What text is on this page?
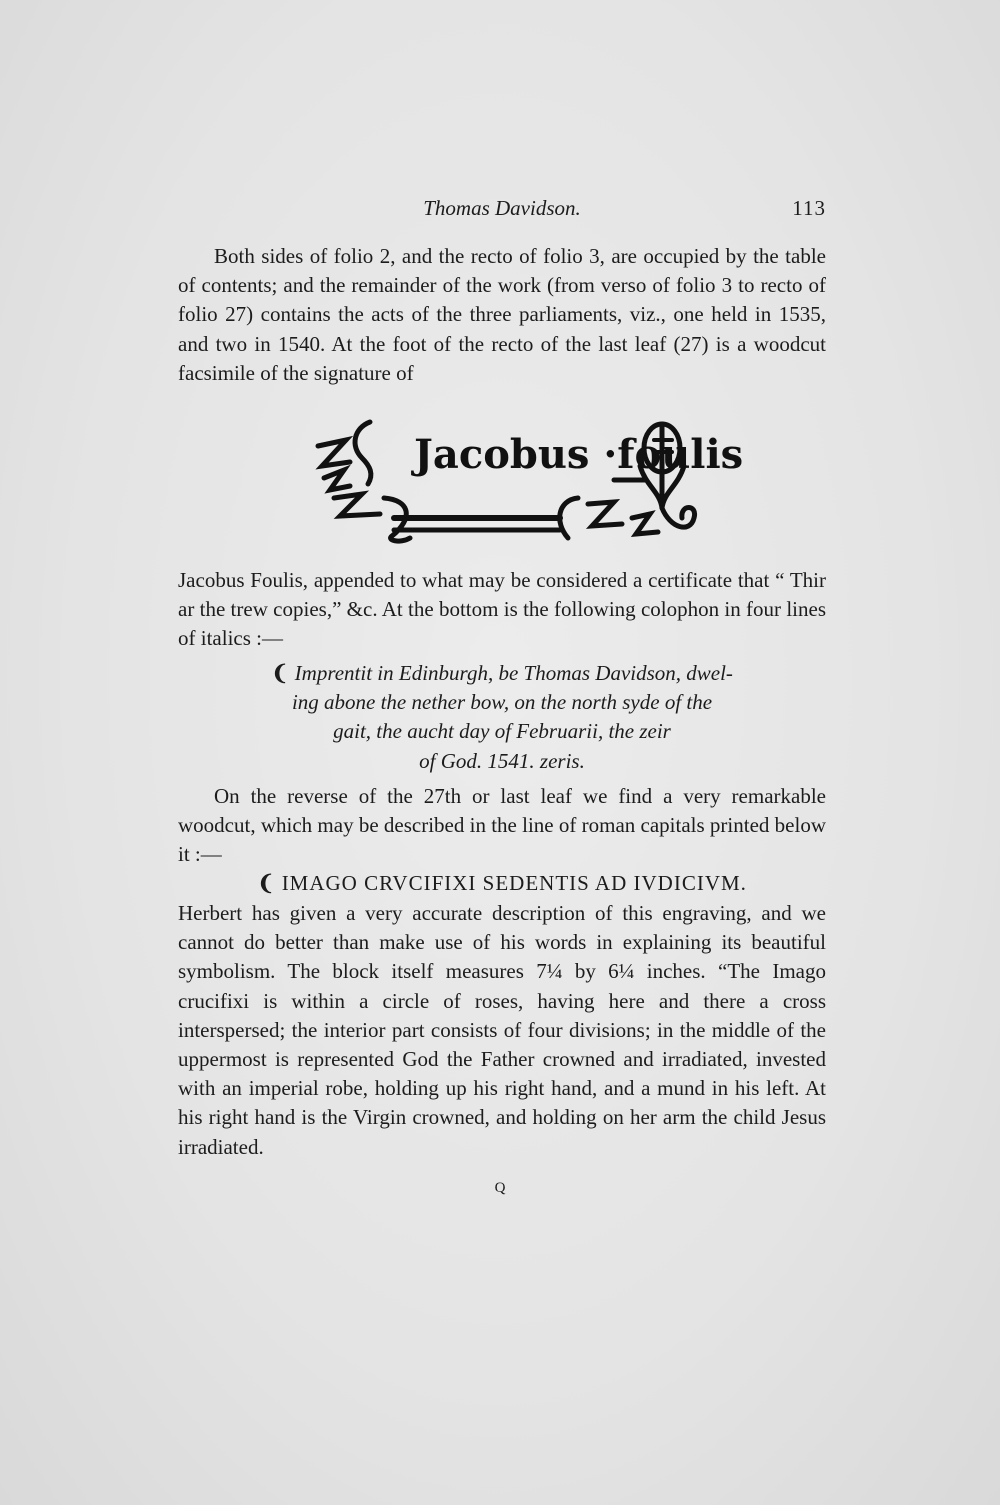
Thomas Davidson.	113

Both sides of folio 2, and the recto of folio 3, are occupied by the table of contents; and the remainder of the work (from verso of folio 3 to recto of folio 27) contains the acts of the three parliaments, viz., one held in 1535, and two in 1540. At the foot of the recto of the last leaf (27) is a woodcut facsimile of the signature of

Jacobus ·foulis

Jacobus Foulis, appended to what may be considered a certificate that “ Thir ar the trew copies,” &c. At the bottom is the following colophon in four lines of italics :—

❨ Imprentit in Edinburgh, be Thomas Davidson, dwel-
ing abone the nether bow, on the north syde of the
gait, the aucht day of Februarii, the zeir
of God. 1541. zeris.

On the reverse of the 27th or last leaf we find a very remarkable woodcut, which may be described in the line of roman capitals printed below it :—

❨ IMAGO CRVCIFIXI SEDENTIS AD IVDICIVM.

Herbert has given a very accurate description of this engraving, and we cannot do better than make use of his words in explaining its beautiful symbolism. The block itself measures 7¼ by 6¼ inches. “The Imago crucifixi is within a circle of roses, having here and there a cross interspersed; the interior part consists of four divisions; in the middle of the uppermost is represented God the Father crowned and irradiated, invested with an imperial robe, holding up his right hand, and a mund in his left. At his right hand is the Virgin crowned, and holding on her arm the child Jesus irradiated.

Q
